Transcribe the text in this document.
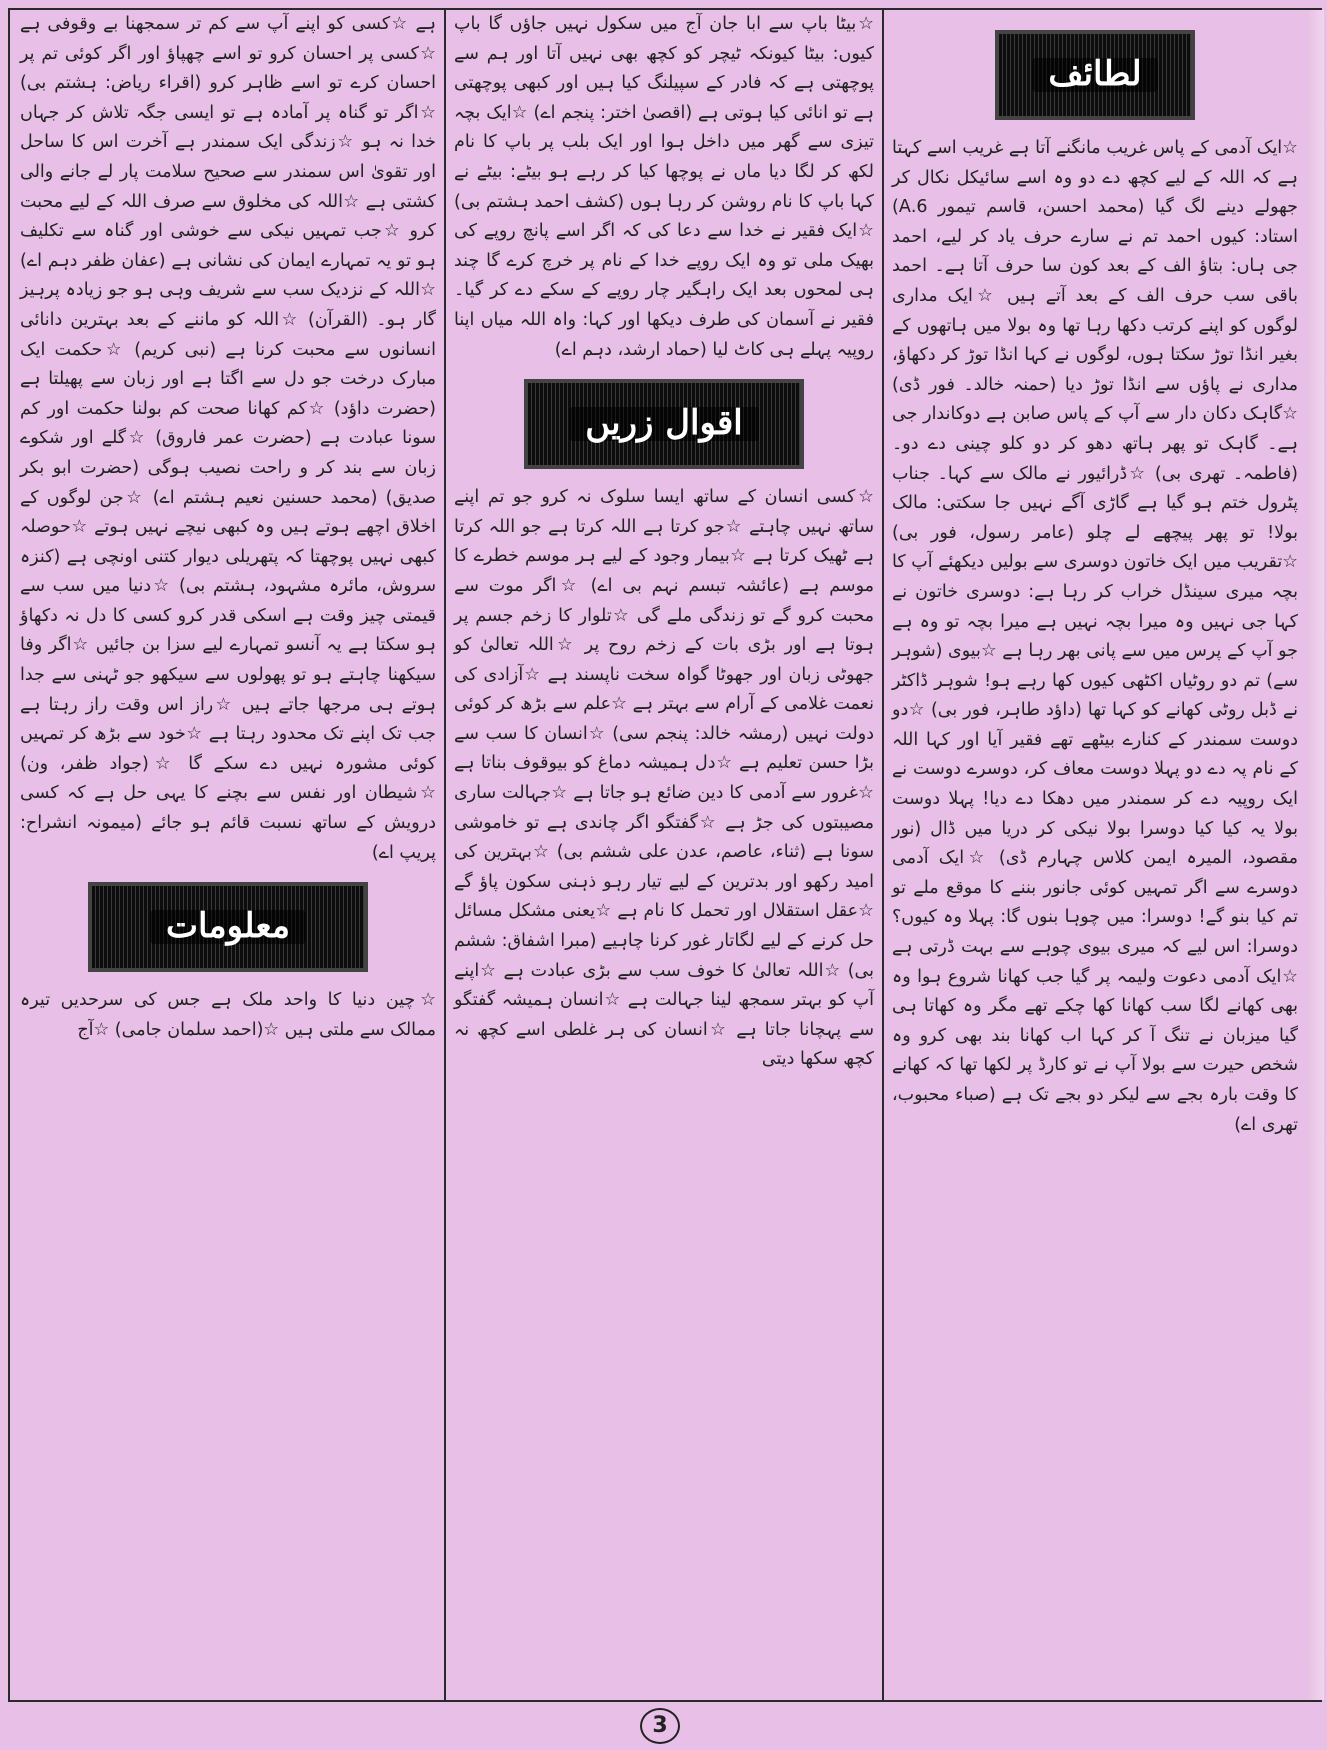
لطائف

☆ایک آدمی کے پاس غریب مانگنے آتا ہے غریب اسے کہتا ہے کہ اللہ کے لیے کچھ دے دو وہ اسے سائیکل نکال کر جھولے دینے لگ گیا (محمد احسن، قاسم تیمور 6.A) استاد: کیوں احمد تم نے سارے حرف یاد کر لیے، احمد جی ہاں: بتاؤ الف کے بعد کون سا حرف آتا ہے۔ احمد باقی سب حرف الف کے بعد آتے ہیں ☆ایک مداری لوگوں کو اپنے کرتب دکھا رہا تھا وہ بولا میں ہاتھوں کے بغیر انڈا توڑ سکتا ہوں، لوگوں نے کہا انڈا توڑ کر دکھاؤ، مداری نے پاؤں سے انڈا توڑ دیا (حمنہ خالد۔ فور ڈی) ☆گاہک دکان دار سے آپ کے پاس صابن ہے دوکاندار جی ہے۔ گاہک تو پھر ہاتھ دھو کر دو کلو چینی دے دو۔ (فاطمہ۔ تھری بی) ☆ڈرائیور نے مالک سے کہا۔ جناب پٹرول ختم ہو گیا ہے گاڑی آگے نہیں جا سکتی: مالک بولا! تو پھر پیچھے لے چلو (عامر رسول، فور بی) ☆تقریب میں ایک خاتون دوسری سے بولیں دیکھئے آپ کا بچہ میری سینڈل خراب کر رہا ہے: دوسری خاتون نے کہا جی نہیں وہ میرا بچہ نہیں ہے میرا بچہ تو وہ ہے جو آپ کے پرس میں سے پانی بھر رہا ہے ☆بیوی (شوہر سے) تم دو روٹیاں اکٹھی کیوں کھا رہے ہو! شوہر ڈاکٹر نے ڈبل روٹی کھانے کو کہا تھا (داؤد طاہر، فور بی) ☆دو دوست سمندر کے کنارے بیٹھے تھے فقیر آیا اور کہا اللہ کے نام پہ دے دو پہلا دوست معاف کر، دوسرے دوست نے ایک روپیہ دے کر سمندر میں دھکا دے دیا! پہلا دوست بولا یہ کیا کیا دوسرا بولا نیکی کر دریا میں ڈال (نور مقصود، المیرہ ایمن کلاس چہارم ڈی) ☆ایک آدمی دوسرے سے اگر تمہیں کوئی جانور بننے کا موقع ملے تو تم کیا بنو گے! دوسرا: میں چوہا بنوں گا: پہلا وہ کیوں؟ دوسرا: اس لیے کہ میری بیوی چوہے سے بہت ڈرتی ہے ☆ایک آدمی دعوت ولیمہ پر گیا جب کھانا شروع ہوا وہ بھی کھانے لگا سب کھانا کھا چکے تھے مگر وہ کھاتا ہی گیا میزبان نے تنگ آ کر کہا اب کھانا بند بھی کرو وہ شخص حیرت سے بولا آپ نے تو کارڈ پر لکھا تھا کہ کھانے کا وقت بارہ بجے سے لیکر دو بجے تک ہے (صباء محبوب، تھری اے)

☆بیٹا باپ سے ابا جان آج میں سکول نہیں جاؤں گا باپ کیوں: بیٹا کیونکہ ٹیچر کو کچھ بھی نہیں آتا اور ہم سے پوچھتی ہے کہ فادر کے سپیلنگ کیا ہیں اور کبھی پوچھتی ہے تو انائی کیا ہوتی ہے (اقصیٰ اختر: پنجم اے) ☆ایک بچہ تیزی سے گھر میں داخل ہوا اور ایک بلب پر باپ کا نام لکھ کر لگا دیا ماں نے پوچھا کیا کر رہے ہو بیٹے: بیٹے نے کہا باپ کا نام روشن کر رہا ہوں (کشف احمد ہشتم بی) ☆ایک فقیر نے خدا سے دعا کی کہ اگر اسے پانچ روپے کی بھیک ملی تو وہ ایک روپے خدا کے نام پر خرچ کرے گا چند ہی لمحوں بعد ایک راہگیر چار روپے کے سکے دے کر گیا۔ فقیر نے آسمان کی طرف دیکھا اور کہا: واہ اللہ میاں اپنا روپیہ پہلے ہی کاٹ لیا (حماد ارشد، دہم اے)

اقوال زریں

☆کسی انسان کے ساتھ ایسا سلوک نہ کرو جو تم اپنے ساتھ نہیں چاہتے ☆جو کرتا ہے اللہ کرتا ہے جو اللہ کرتا ہے ٹھیک کرتا ہے ☆بیمار وجود کے لیے ہر موسم خطرے کا موسم ہے (عائشہ تبسم نہم بی اے) ☆اگر موت سے محبت کرو گے تو زندگی ملے گی ☆تلوار کا زخم جسم پر ہوتا ہے اور بڑی بات کے زخم روح پر ☆اللہ تعالیٰ کو جھوٹی زبان اور جھوٹا گواہ سخت ناپسند ہے ☆آزادی کی نعمت غلامی کے آرام سے بہتر ہے ☆علم سے بڑھ کر کوئی دولت نہیں (رمشہ خالد: پنجم سی) ☆انسان کا سب سے بڑا حسن تعلیم ہے ☆دل ہمیشہ دماغ کو بیوقوف بناتا ہے ☆غرور سے آدمی کا دین ضائع ہو جاتا ہے ☆جہالت ساری مصیبتوں کی جڑ ہے ☆گفتگو اگر چاندی ہے تو خاموشی سونا ہے (ثناء، عاصم، عدن علی ششم بی) ☆بہترین کی امید رکھو اور بدترین کے لیے تیار رہو ذہنی سکون پاؤ گے ☆عقل استقلال اور تحمل کا نام ہے ☆یعنی مشکل مسائل حل کرنے کے لیے لگاتار غور کرنا چاہیے (مبرا اشفاق: ششم بی) ☆اللہ تعالیٰ کا خوف سب سے بڑی عبادت ہے ☆اپنے آپ کو بہتر سمجھ لینا جہالت ہے ☆انسان ہمیشہ گفتگو سے پہچانا جاتا ہے ☆انسان کی ہر غلطی اسے کچھ نہ کچھ سکھا دیتی

ہے ☆کسی کو اپنے آپ سے کم تر سمجھنا بے وقوفی ہے ☆کسی پر احسان کرو تو اسے چھپاؤ اور اگر کوئی تم پر احسان کرے تو اسے ظاہر کرو (اقراء ریاض: ہشتم بی) ☆اگر تو گناہ پر آمادہ ہے تو ایسی جگہ تلاش کر جہاں خدا نہ ہو ☆زندگی ایک سمندر ہے آخرت اس کا ساحل اور تقویٰ اس سمندر سے صحیح سلامت پار لے جانے والی کشتی ہے ☆اللہ کی مخلوق سے صرف اللہ کے لیے محبت کرو ☆جب تمہیں نیکی سے خوشی اور گناہ سے تکلیف ہو تو یہ تمہارے ایمان کی نشانی ہے (عفان ظفر دہم اے) ☆اللہ کے نزدیک سب سے شریف وہی ہو جو زیادہ پرہیز گار ہو۔ (القرآن) ☆اللہ کو ماننے کے بعد بہترین دانائی انسانوں سے محبت کرنا ہے (نبی کریم) ☆حکمت ایک مبارک درخت جو دل سے اگتا ہے اور زبان سے پھیلتا ہے (حضرت داؤد) ☆کم کھانا صحت کم بولنا حکمت اور کم سونا عبادت ہے (حضرت عمر فاروق) ☆گلے اور شکوے زبان سے بند کر و راحت نصیب ہوگی (حضرت ابو بکر صدیق) (محمد حسنین نعیم ہشتم اے) ☆جن لوگوں کے اخلاق اچھے ہوتے ہیں وہ کبھی نیچے نہیں ہوتے ☆حوصلہ کبھی نہیں پوچھتا کہ پتھریلی دیوار کتنی اونچی ہے (کنزہ سروش، مائرہ مشہود، ہشتم بی) ☆دنیا میں سب سے قیمتی چیز وقت ہے اسکی قدر کرو کسی کا دل نہ دکھاؤ ہو سکتا ہے یہ آنسو تمہارے لیے سزا بن جائیں ☆اگر وفا سیکھنا چاہتے ہو تو پھولوں سے سیکھو جو ٹہنی سے جدا ہوتے ہی مرجھا جاتے ہیں ☆راز اس وقت راز رہتا ہے جب تک اپنے تک محدود رہتا ہے ☆خود سے بڑھ کر تمہیں کوئی مشورہ نہیں دے سکے گا ☆(جواد ظفر، ون) ☆شیطان اور نفس سے بچنے کا یہی حل ہے کہ کسی درویش کے ساتھ نسبت قائم ہو جائے (میمونہ انشراح: پریپ اے)

معلومات

☆چین دنیا کا واحد ملک ہے جس کی سرحدیں تیرہ ممالک سے ملتی ہیں ☆(احمد سلمان جامی) ☆آج

3
